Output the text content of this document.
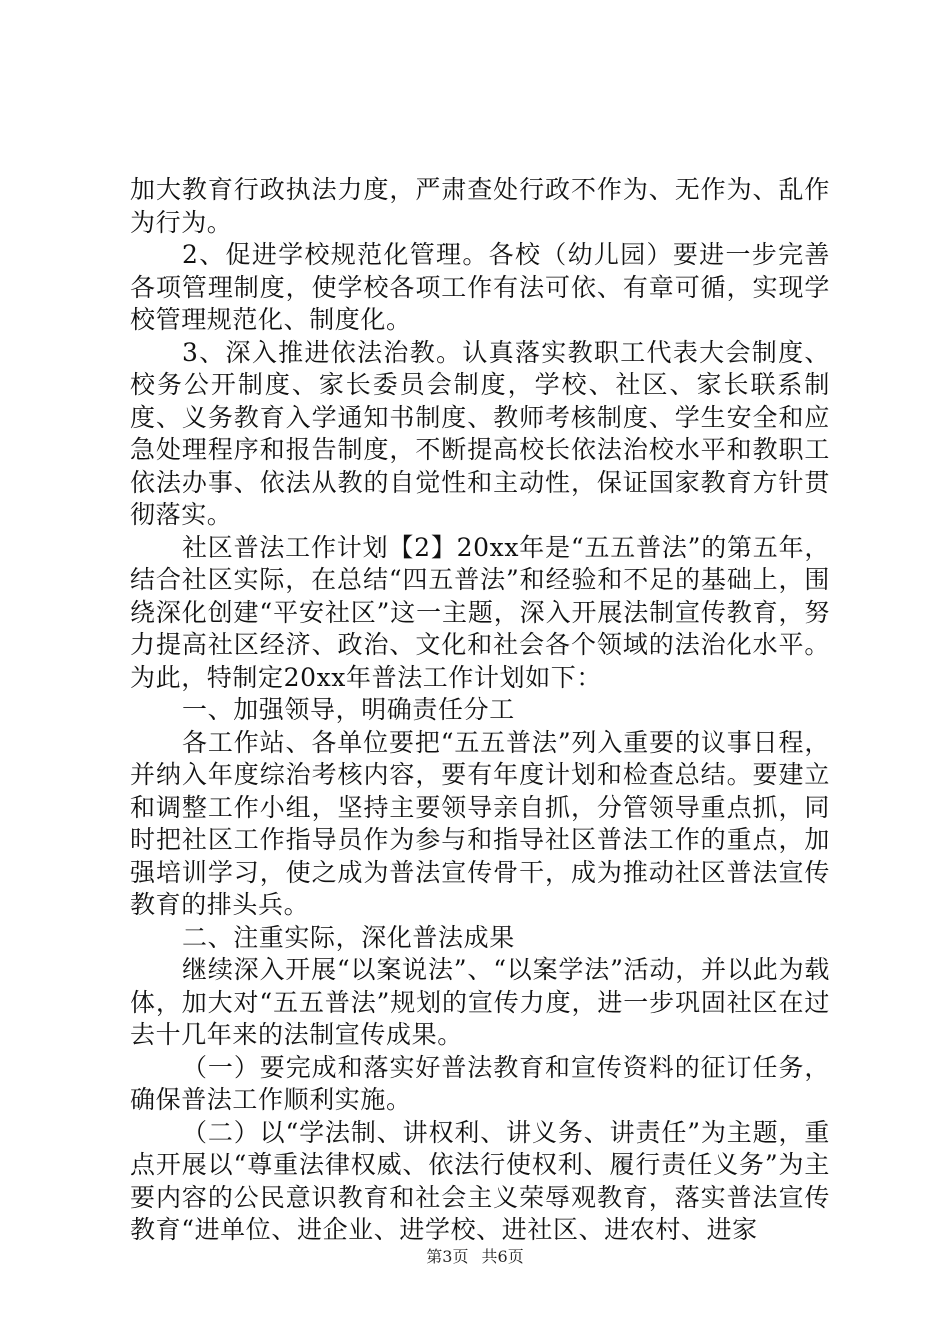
加大教育行政执法力度，严肃查处行政不作为、无作为、乱作为行为。

2、促进学校规范化管理。各校（幼儿园）要进一步完善各项管理制度，使学校各项工作有法可依、有章可循，实现学校管理规范化、制度化。

3、深入推进依法治教。认真落实教职工代表大会制度、校务公开制度、家长委员会制度，学校、社区、家长联系制度、义务教育入学通知书制度、教师考核制度、学生安全和应急处理程序和报告制度，不断提高校长依法治校水平和教职工依法办事、依法从教的自觉性和主动性，保证国家教育方针贯彻落实。

社区普法工作计划【2】20xx年是“五五普法”的第五年，结合社区实际，在总结“四五普法”和经验和不足的基础上，围绕深化创建“平安社区”这一主题，深入开展法制宣传教育，努力提高社区经济、政治、文化和社会各个领域的法治化水平。为此，特制定20xx年普法工作计划如下：

一、加强领导，明确责任分工

各工作站、各单位要把“五五普法”列入重要的议事日程，并纳入年度综治考核内容，要有年度计划和检查总结。要建立和调整工作小组，坚持主要领导亲自抓，分管领导重点抓，同时把社区工作指导员作为参与和指导社区普法工作的重点，加强培训学习，使之成为普法宣传骨干，成为推动社区普法宣传教育的排头兵。

二、注重实际，深化普法成果

继续深入开展“以案说法”、“以案学法”活动，并以此为载体，加大对“五五普法”规划的宣传力度，进一步巩固社区在过去十几年来的法制宣传成果。

（一）要完成和落实好普法教育和宣传资料的征订任务，确保普法工作顺利实施。

（二）以“学法制、讲权利、讲义务、讲责任”为主题，重点开展以“尊重法律权威、依法行使权利、履行责任义务”为主要内容的公民意识教育和社会主义荣辱观教育，落实普法宣传教育“进单位、进企业、进学校、进社区、进农村、进家

第3页 共6页
